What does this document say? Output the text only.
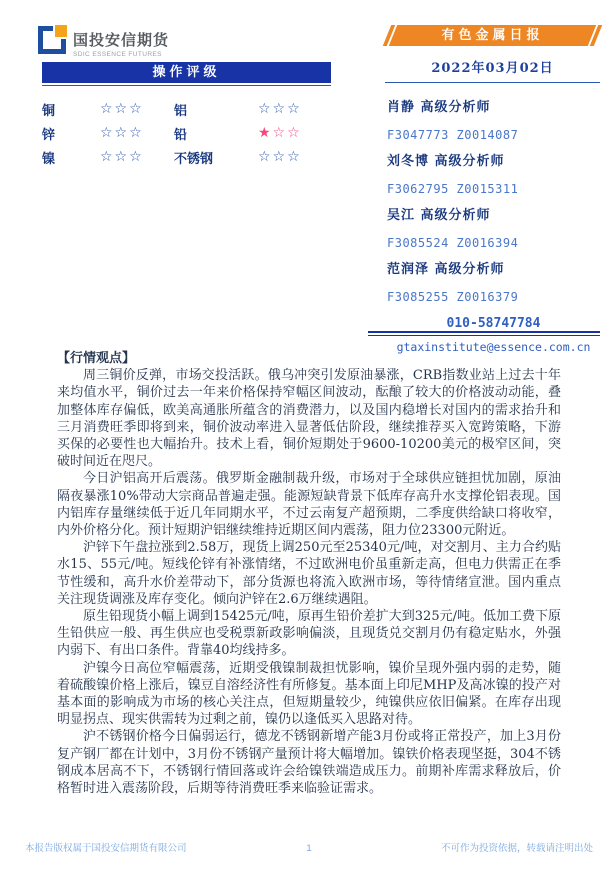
国投安信期货
SDIC ESSENCE FUTURES
操作评级
铜	☆☆☆	铝	☆☆☆
锌	☆☆☆	铅	★☆☆
镍	☆☆☆	不锈钢	☆☆☆
有色金属日报
2022年03月02日
肖静 高级分析师
F3047773 Z0014087
刘冬博 高级分析师
F3062795 Z0015311
吴江 高级分析师
F3085524 Z0016394
范润泽 高级分析师
F3085255 Z0016379
010-58747784
gtaxinstitute@essence.com.cn

【行情观点】

周三铜价反弹，市场交投活跃。俄乌冲突引发原油暴涨，CRB指数业站上过去十年来均值水平，铜价过去一年来价格保持窄幅区间波动，酝酿了较大的价格波动动能，叠加整体库存偏低，欧美高通胀所蕴含的消费潜力，以及国内稳增长对国内的需求抬升和三月消费旺季即将到来，铜价波动率进入显著低估阶段，继续推荐买入宽跨策略，下游买保的必要性也大幅抬升。技术上看，铜价短期处于9600-10200美元的极窄区间，突破时间近在咫尺。

今日沪铝高开后震荡。俄罗斯金融制裁升级，市场对于全球供应链担忧加剧，原油隔夜暴涨10%带动大宗商品普遍走强。能源短缺背景下低库存高升水支撑伦铝表现。国内铝库存量继续低于近几年同期水平，不过云南复产超预期，二季度供给缺口将收窄，内外价格分化。预计短期沪铝继续维持近期区间内震荡，阻力位23300元附近。

沪锌下午盘拉涨到2.58万，现货上调250元至25340元/吨，对交割月、主力合约贴水15、55元/吨。短线伦锌有补涨情绪，不过欧洲电价虽重新走高，但电力供需正在季节性缓和，高升水价差带动下，部分货源也将流入欧洲市场，等待情绪宣泄。国内重点关注现货调涨及库存变化。倾向沪锌在2.6万继续遇阻。

原生铅现货小幅上调到15425元/吨，原再生铅价差扩大到325元/吨。低加工费下原生铅供应一般、再生供应也受税票新政影响偏淡，且现货兑交割月仍有稳定贴水，外强内弱下、有出口条件。背靠40均线持多。

沪镍今日高位窄幅震荡，近期受俄镍制裁担忧影响，镍价呈现外强内弱的走势，随着硫酸镍价格上涨后，镍豆自溶经济性有所修复。基本面上印尼MHP及高冰镍的投产对基本面的影响成为市场的核心关注点，但短期量较少，纯镍供应依旧偏紧。在库存出现明显拐点、现实供需转为过剩之前，镍仍以逢低买入思路对待。

沪不锈钢价格今日偏弱运行，德龙不锈钢新增产能3月份或将正常投产，加上3月份复产钢厂都在计划中，3月份不锈钢产量预计将大幅增加。镍铁价格表现坚挺，304不锈钢成本居高不下，不锈钢行情回落或许会给镍铁端造成压力。前期补库需求释放后，价格暂时进入震荡阶段，后期等待消费旺季来临验证需求。

本报告版权属于国投安信期货有限公司	1	不可作为投资依据，转载请注明出处
